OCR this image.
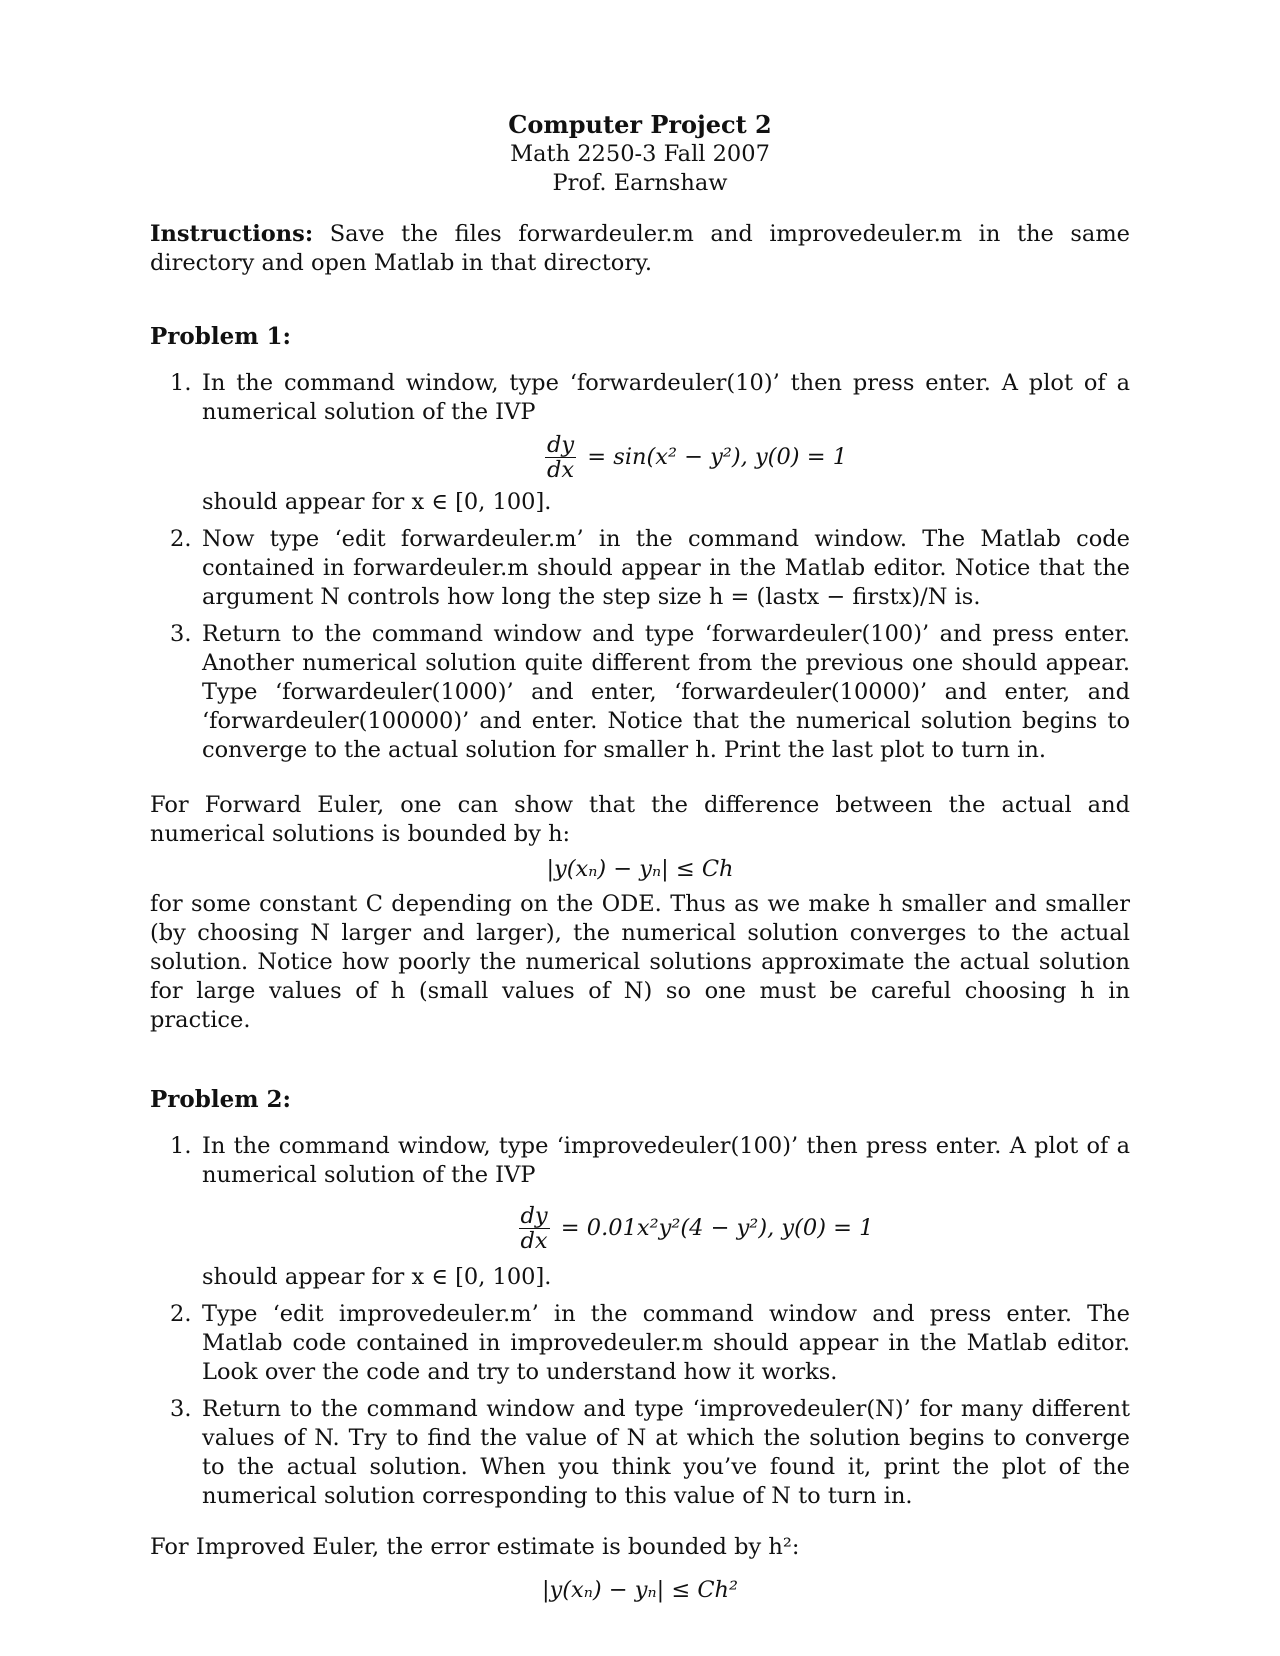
Computer Project 2
Math 2250-3 Fall 2007
Prof. Earnshaw

Instructions: Save the files forwardeuler.m and improvedeuler.m in the same directory and open Matlab in that directory.

Problem 1:
1. In the command window, type ‘forwardeuler(10)’ then press enter. A plot of a numerical solution of the IVP
$\frac{dy}{dx} = \sin(x^2 - y^2)$, y(0) = 1
should appear for x ∈ [0, 100].
2. Now type ‘edit forwardeuler.m’ in the command window. The Matlab code contained in forwardeuler.m should appear in the Matlab editor. Notice that the argument N controls how long the step size h = (lastx − firstx)/N is.
3. Return to the command window and type ‘forwardeuler(100)’ and press enter. Another numerical solution quite different from the previous one should appear. Type ‘forwardeuler(1000)’ and enter, ‘forwardeuler(10000)’ and enter, and ‘forwardeuler(100000)’ and enter. Notice that the numerical solution begins to converge to the actual solution for smaller h. Print the last plot to turn in.

For Forward Euler, one can show that the difference between the actual and numerical solutions is bounded by h:

|y(xₙ) − yₙ| ≤ Ch

for some constant C depending on the ODE. Thus as we make h smaller and smaller (by choosing N larger and larger), the numerical solution converges to the actual solution. Notice how poorly the numerical solutions approximate the actual solution for large values of h (small values of N) so one must be careful choosing h in practice.

Problem 2:
1. In the command window, type ‘improvedeuler(100)’ then press enter. A plot of a numerical solution of the IVP
$\frac{dy}{dx} = 0.01x^2y^2(4 - y^2)$, y(0) = 1
should appear for x ∈ [0, 100].
2. Type ‘edit improvedeuler.m’ in the command window and press enter. The Matlab code contained in improvedeuler.m should appear in the Matlab editor. Look over the code and try to understand how it works.
3. Return to the command window and type ‘improvedeuler(N)’ for many different values of N. Try to find the value of N at which the solution begins to converge to the actual solution. When you think you’ve found it, print the plot of the numerical solution corresponding to this value of N to turn in.

For Improved Euler, the error estimate is bounded by h²:

|y(xₙ) − yₙ| ≤ Ch²
